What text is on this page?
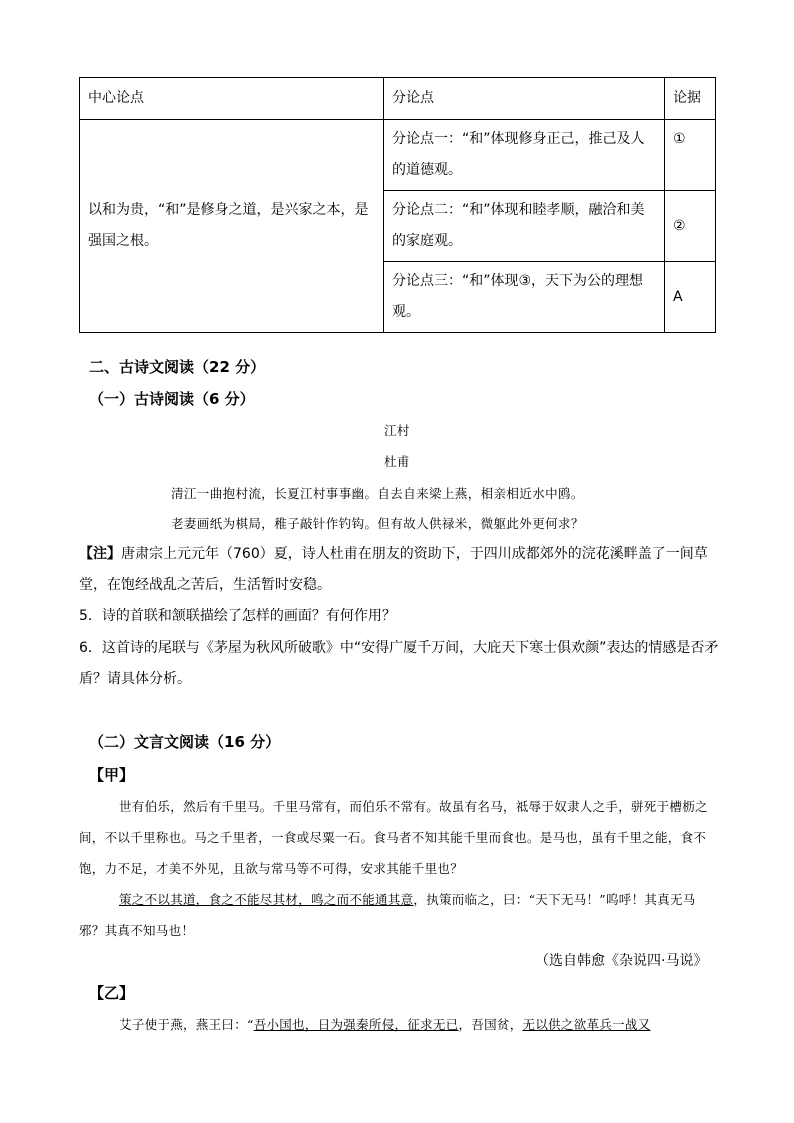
中心论点	分论点	论据
以和为贵，“和”是修身之道，是兴家之本，是强国之根。	分论点一：“和”体现修身正己，推己及人的道德观。	①
	分论点二：“和”体现和睦孝顺，融洽和美的家庭观。	②
	分论点三：“和”体现③，天下为公的理想观。	A
二、古诗文阅读（22 分）
（一）古诗阅读（6 分）
江村
杜甫
清江一曲抱村流，长夏江村事事幽。自去自来梁上燕，相亲相近水中鸥。
老妻画纸为棋局，稚子敲针作钓钩。但有故人供禄米，微躯此外更何求？
【注】唐肃宗上元元年（760）夏，诗人杜甫在朋友的资助下，于四川成都郊外的浣花溪畔盖了一间草堂，在饱经战乱之苦后，生活暂时安稳。
5．诗的首联和颔联描绘了怎样的画面？有何作用？
6．这首诗的尾联与《茅屋为秋风所破歌》中“安得广厦千万间，大庇天下寒士俱欢颜”表达的情感是否矛盾？请具体分析。
（二）文言文阅读（16 分）
【甲】
世有伯乐，然后有千里马。千里马常有，而伯乐不常有。故虽有名马，祗辱于奴隶人之手，骈死于槽枥之间，不以千里称也。马之千里者，一食或尽粟一石。食马者不知其能千里而食也。是马也，虽有千里之能，食不饱，力不足，才美不外见，且欲与常马等不可得，安求其能千里也？
策之不以其道，食之不能尽其材，鸣之而不能通其意，执策而临之，曰：“天下无马！”呜呼！其真无马邪？其真不知马也！
（选自韩愈《杂说四·马说》
【乙】
艾子使于燕，燕王曰：“吾小国也，日为强秦所侵，征求无已，吾国贫，无以供之欲革兵一战又
